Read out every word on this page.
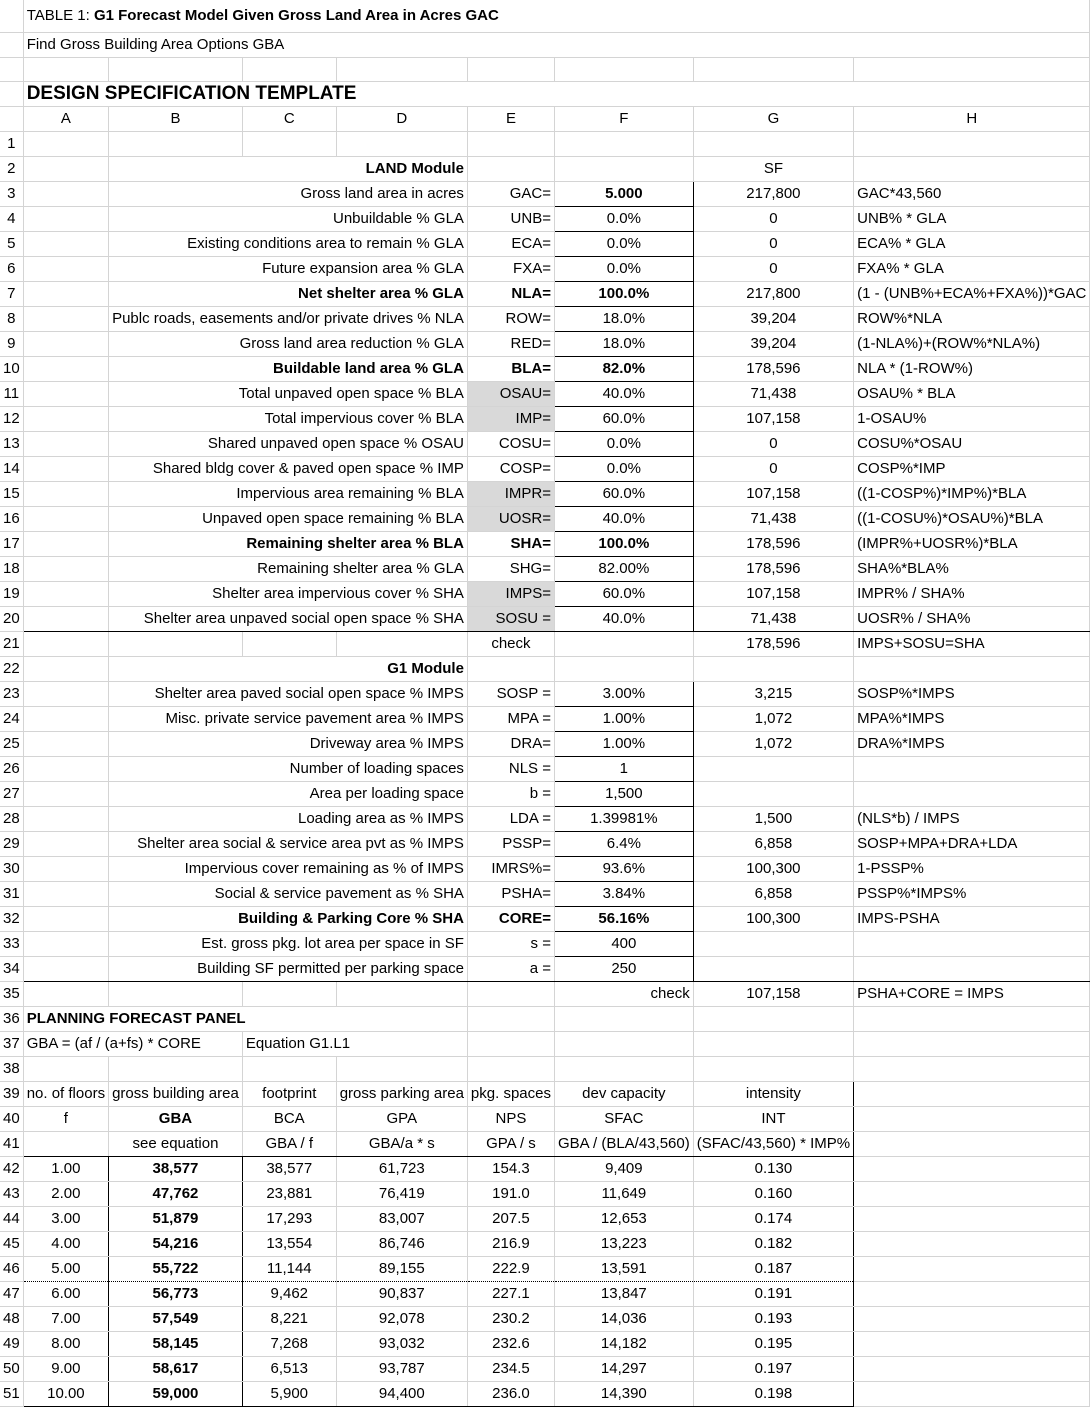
	TABLE 1: G1 Forecast Model Given Gross Land Area in Acres GAC							
	Find Gross Building Area Options GBA							

	DESIGN SPECIFICATION TEMPLATE							
	A	B	C	D	E	F	G	H
1								
2		LAND Module					SF	
3		Gross land area in acres			GAC=	5.000	217,800	GAC*43,560
4		Unbuildable % GLA			UNB=	0.0%	0	UNB% * GLA
5		Existing conditions area to remain % GLA			ECA=	0.0%	0	ECA% * GLA
6		Future expansion area % GLA			FXA=	0.0%	0	FXA% * GLA
7		Net shelter area % GLA			NLA=	100.0%	217,800	(1 - (UNB%+ECA%+FXA%))*GAC
8		Publc roads, easements and/or private drives % NLA			ROW=	18.0%	39,204	ROW%*NLA
9		Gross land area reduction % GLA			RED=	18.0%	39,204	(1-NLA%)+(ROW%*NLA%)
10		Buildable land area % GLA			BLA=	82.0%	178,596	NLA * (1-ROW%)
11		Total unpaved open space % BLA			OSAU=	40.0%	71,438	OSAU% * BLA
12		Total impervious cover % BLA			IMP=	60.0%	107,158	1-OSAU%
13		Shared unpaved open space % OSAU			COSU=	0.0%	0	COSU%*OSAU
14		Shared bldg cover & paved open space % IMP			COSP=	0.0%	0	COSP%*IMP
15		Impervious area remaining % BLA			IMPR=	60.0%	107,158	((1-COSP%)*IMP%)*BLA
16		Unpaved open space remaining % BLA			UOSR=	40.0%	71,438	((1-COSU%)*OSAU%)*BLA
17		Remaining shelter area % BLA			SHA=	100.0%	178,596	(IMPR%+UOSR%)*BLA
18		Remaining shelter area % GLA			SHG=	82.00%	178,596	SHA%*BLA%
19		Shelter area impervious cover % SHA			IMPS=	60.0%	107,158	IMPR% / SHA%
20		Shelter area unpaved social open space % SHA			SOSU =	40.0%	71,438	UOSR% / SHA%
21					check		178,596	IMPS+SOSU=SHA
22		G1 Module						
23		Shelter area paved social open space % IMPS			SOSP =	3.00%	3,215	SOSP%*IMPS
24		Misc. private service pavement area % IMPS			MPA =	1.00%	1,072	MPA%*IMPS
25		Driveway area % IMPS			DRA=	1.00%	1,072	DRA%*IMPS
26		Number of loading spaces			NLS =	1		
27		Area per loading space			b =	1,500		
28		Loading area as % IMPS			LDA =	1.39981%	1,500	(NLS*b) / IMPS
29		Shelter area social & service area pvt as % IMPS			PSSP=	6.4%	6,858	SOSP+MPA+DRA+LDA
30		Impervious cover remaining as % of IMPS			IMRS%=	93.6%	100,300	1-PSSP%
31		Social & service pavement as % SHA			PSHA=	3.84%	6,858	PSSP%*IMPS%
32		Building & Parking Core % SHA			CORE=	56.16%	100,300	IMPS-PSHA
33		Est. gross pkg. lot area per space in SF			s =	400		
34		Building SF permitted per parking space			a =	250		
35						check	107,158	PSHA+CORE = IMPS
36	PLANNING FORECAST PANEL							
37	GBA = (af / (a+fs) * CORE		Equation G1.L1					
38								
39	no. of floors	gross building area	footprint	gross parking area	pkg. spaces	dev capacity	intensity	
40	f	GBA	BCA	GPA	NPS	SFAC	INT	
41		see equation	GBA / f	GBA/a * s	GPA / s	GBA / (BLA/43,560)	(SFAC/43,560) * IMP%	
42	1.00	38,577	38,577	61,723	154.3	9,409	0.130	
43	2.00	47,762	23,881	76,419	191.0	11,649	0.160	
44	3.00	51,879	17,293	83,007	207.5	12,653	0.174	
45	4.00	54,216	13,554	86,746	216.9	13,223	0.182	
46	5.00	55,722	11,144	89,155	222.9	13,591	0.187	
47	6.00	56,773	9,462	90,837	227.1	13,847	0.191	
48	7.00	57,549	8,221	92,078	230.2	14,036	0.193	
49	8.00	58,145	7,268	93,032	232.6	14,182	0.195	
50	9.00	58,617	6,513	93,787	234.5	14,297	0.197	
51	10.00	59,000	5,900	94,400	236.0	14,390	0.198	
